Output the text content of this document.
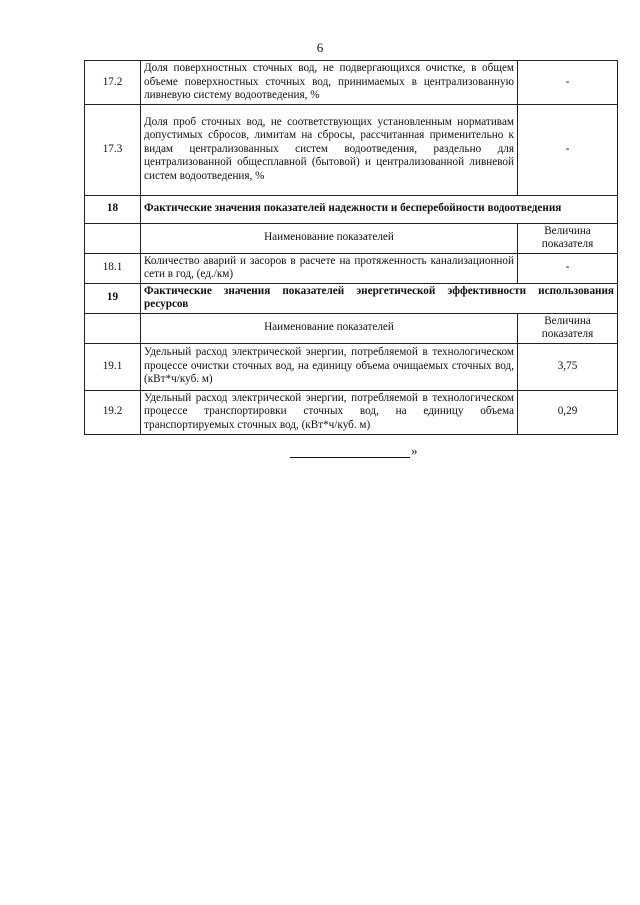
6
17.2	Доля поверхностных сточных вод, не подвергающихся очистке, в общем объеме поверхностных сточных вод, принимаемых в централизованную ливневую систему водоотведения, %	-
17.3	Доля проб сточных вод, не соответствующих установленным нормативам допустимых сбросов, лимитам на сбросы, рассчитанная применительно к видам централизованных систем водоотведения, раздельно для централизованной общесплавной (бытовой) и централизованной ливневой систем водоотведения, %	-
18	Фактические значения показателей надежности и бесперебойности водоотведения	
	Наименование показателей	Величина показателя
18.1	Количество аварий и засоров в расчете на протяженность канализационной сети в год, (ед./км)	-
19	Фактические значения показателей энергетической эффективности использования ресурсов	
	Наименование показателей	Величина показателя
19.1	Удельный расход электрической энергии, потребляемой в технологическом процессе очистки сточных вод, на единицу объема очищаемых сточных вод, (кВт*ч/куб. м)	3,75
19.2	Удельный расход электрической энергии, потребляемой в технологическом процессе транспортировки сточных вод, на единицу объема транспортируемых сточных вод, (кВт*ч/куб. м)	0,29
»
